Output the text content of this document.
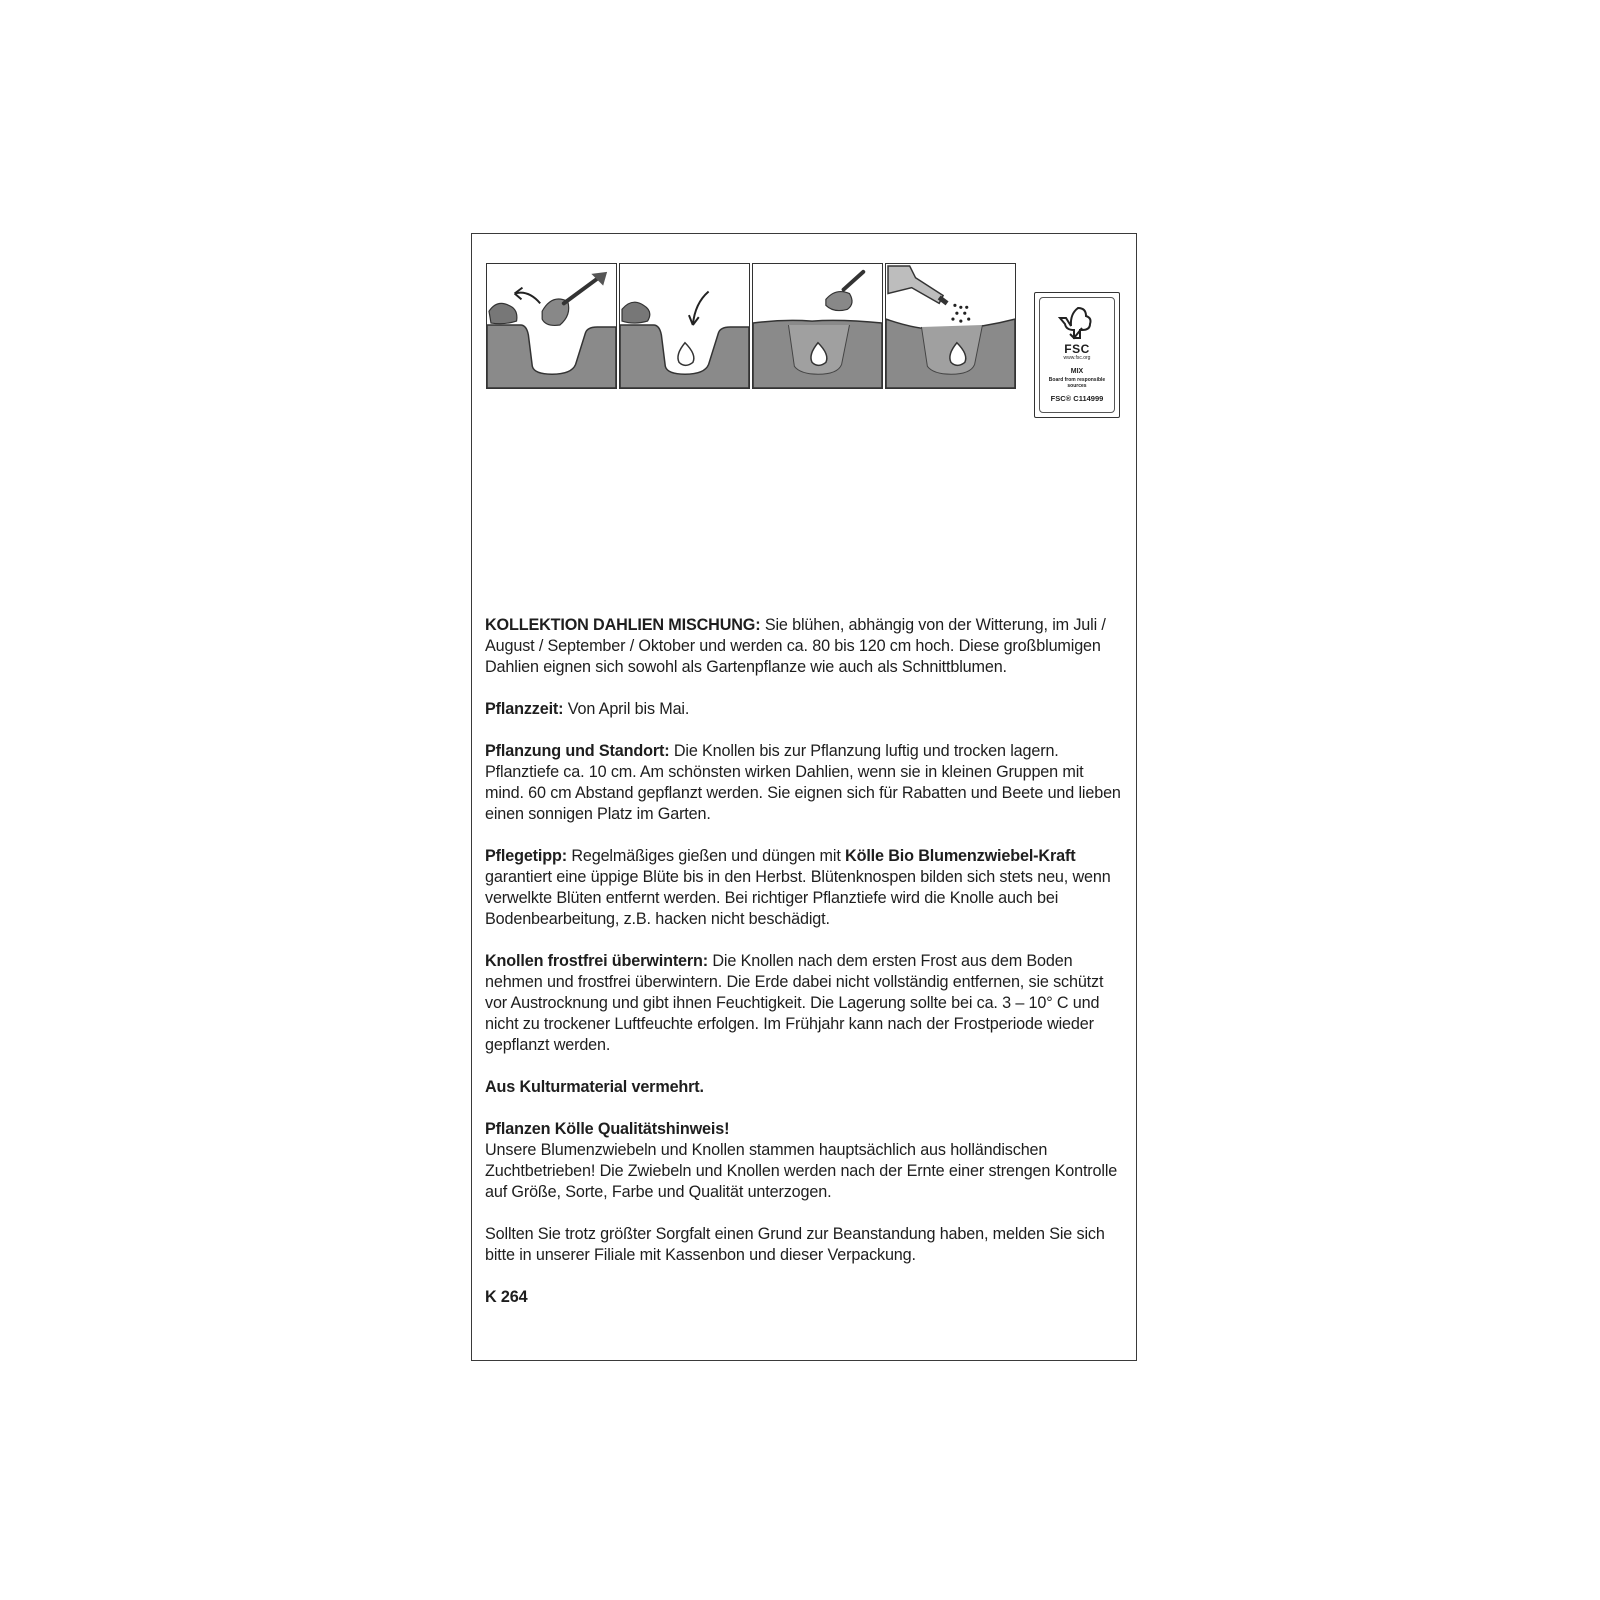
FSC
www.fsc.org
MIX
Board from responsible sources
FSC® C114999

KOLLEKTION DAHLIEN MISCHUNG: Sie blühen, abhängig von der Witterung, im Juli / August / September / Oktober und werden ca. 80 bis 120 cm hoch. Diese großblumigen Dahlien eignen sich sowohl als Gartenpflanze wie auch als Schnittblumen.

Pflanzzeit: Von April bis Mai.

Pflanzung und Standort: Die Knollen bis zur Pflanzung luftig und trocken lagern. Pflanztiefe ca. 10 cm. Am schönsten wirken Dahlien, wenn sie in kleinen Gruppen mit mind. 60 cm Abstand gepflanzt werden. Sie eignen sich für Rabatten und Beete und lieben einen sonnigen Platz im Garten.

Pflegetipp: Regelmäßiges gießen und düngen mit Kölle Bio Blumenzwiebel-Kraft garantiert eine üppige Blüte bis in den Herbst. Blütenknospen bilden sich stets neu, wenn verwelkte Blüten entfernt werden. Bei richtiger Pflanztiefe wird die Knolle auch bei Bodenbearbeitung, z.B. hacken nicht beschädigt.

Knollen frostfrei überwintern: Die Knollen nach dem ersten Frost aus dem Boden nehmen und frostfrei überwintern. Die Erde dabei nicht vollständig entfernen, sie schützt vor Austrocknung und gibt ihnen Feuchtigkeit. Die Lagerung sollte bei ca. 3 – 10° C und nicht zu trockener Luftfeuchte erfolgen. Im Frühjahr kann nach der Frostperiode wieder gepflanzt werden.

Aus Kulturmaterial vermehrt.

Pflanzen Kölle Qualitätshinweis!
Unsere Blumenzwiebeln und Knollen stammen hauptsächlich aus holländischen Zuchtbetrieben! Die Zwiebeln und Knollen werden nach der Ernte einer strengen Kontrolle auf Größe, Sorte, Farbe und Qualität unterzogen.

Sollten Sie trotz größter Sorgfalt einen Grund zur Beanstandung haben, melden Sie sich bitte in unserer Filiale mit Kassenbon und dieser Verpackung.

K 264
